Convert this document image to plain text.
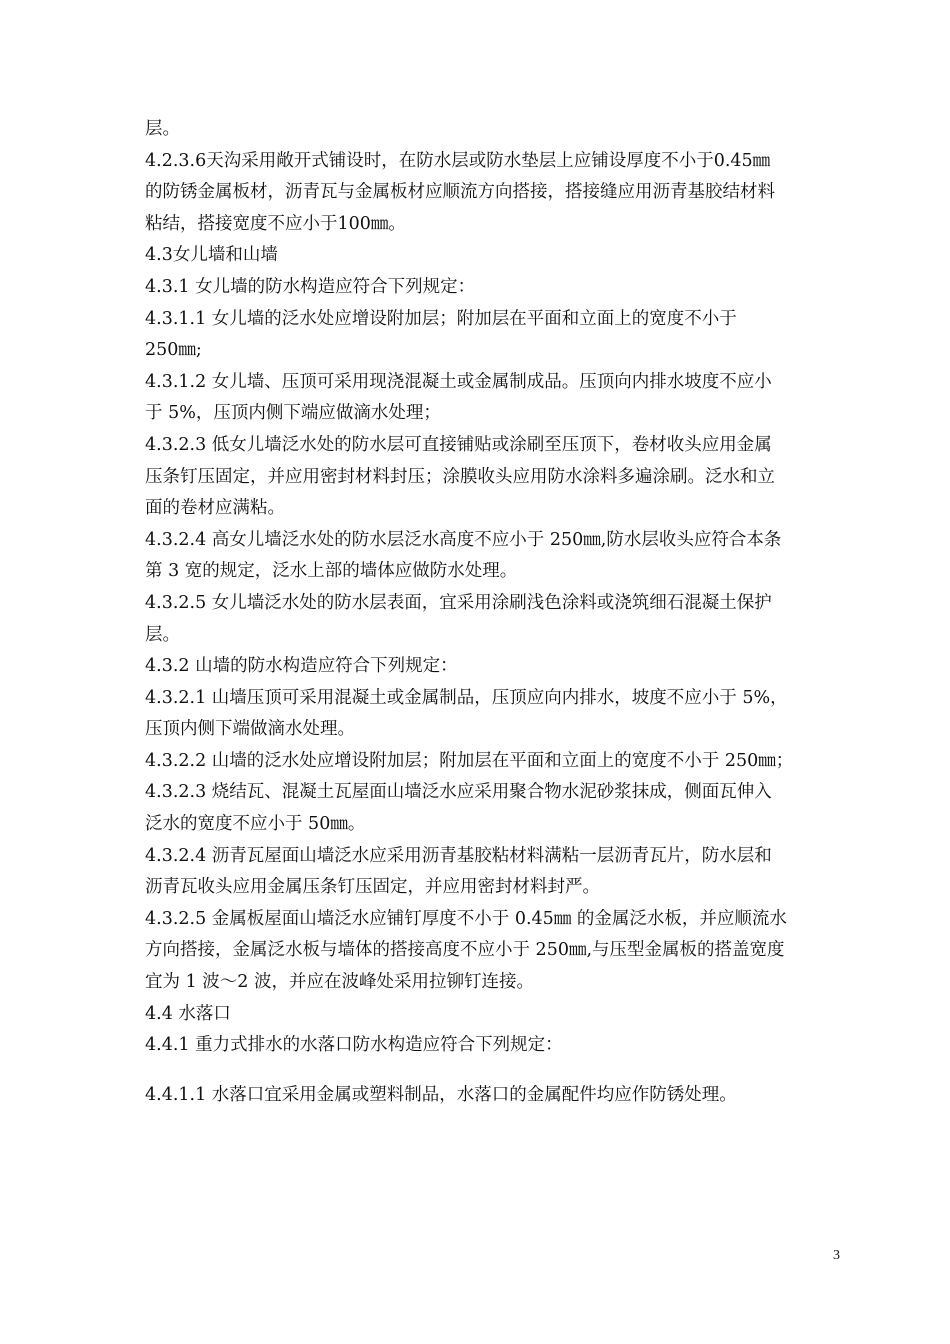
层。
4.2.3.6天沟采用敞开式铺设时，在防水层或防水垫层上应铺设厚度不小于0.45㎜
的防锈金属板材，沥青瓦与金属板材应顺流方向搭接，搭接缝应用沥青基胶结材料
粘结，搭接宽度不应小于100㎜。
4.3女儿墙和山墙
4.3.1 女儿墙的防水构造应符合下列规定：
4.3.1.1 女儿墙的泛水处应增设附加层；附加层在平面和立面上的宽度不小于
250㎜;
4.3.1.2 女儿墙、压顶可采用现浇混凝土或金属制成品。压顶向内排水坡度不应小
于 5%，压顶内侧下端应做滴水处理；
4.3.2.3 低女儿墙泛水处的防水层可直接铺贴或涂刷至压顶下，卷材收头应用金属
压条钉压固定，并应用密封材料封压；涂膜收头应用防水涂料多遍涂刷。泛水和立
面的卷材应满粘。
4.3.2.4 高女儿墙泛水处的防水层泛水高度不应小于 250㎜,防水层收头应符合本条
第 3 宽的规定，泛水上部的墙体应做防水处理。
4.3.2.5 女儿墙泛水处的防水层表面，宜采用涂刷浅色涂料或浇筑细石混凝土保护
层。
4.3.2 山墙的防水构造应符合下列规定：
4.3.2.1 山墙压顶可采用混凝土或金属制品，压顶应向内排水，坡度不应小于 5%，
压顶内侧下端做滴水处理。
4.3.2.2 山墙的泛水处应增设附加层；附加层在平面和立面上的宽度不小于 250㎜；
4.3.2.3 烧结瓦、混凝土瓦屋面山墙泛水应采用聚合物水泥砂浆抹成，侧面瓦伸入
泛水的宽度不应小于 50㎜。
4.3.2.4 沥青瓦屋面山墙泛水应采用沥青基胶粘材料满粘一层沥青瓦片，防水层和
沥青瓦收头应用金属压条钉压固定，并应用密封材料封严。
4.3.2.5 金属板屋面山墙泛水应铺钉厚度不小于 0.45㎜ 的金属泛水板，并应顺流水
方向搭接，金属泛水板与墙体的搭接高度不应小于 250㎜,与压型金属板的搭盖宽度
宜为 1 波～2 波，并应在波峰处采用拉铆钉连接。
4.4 水落口
4.4.1 重力式排水的水落口防水构造应符合下列规定：
4.4.1.1 水落口宜采用金属或塑料制品，水落口的金属配件均应作防锈处理。
3
